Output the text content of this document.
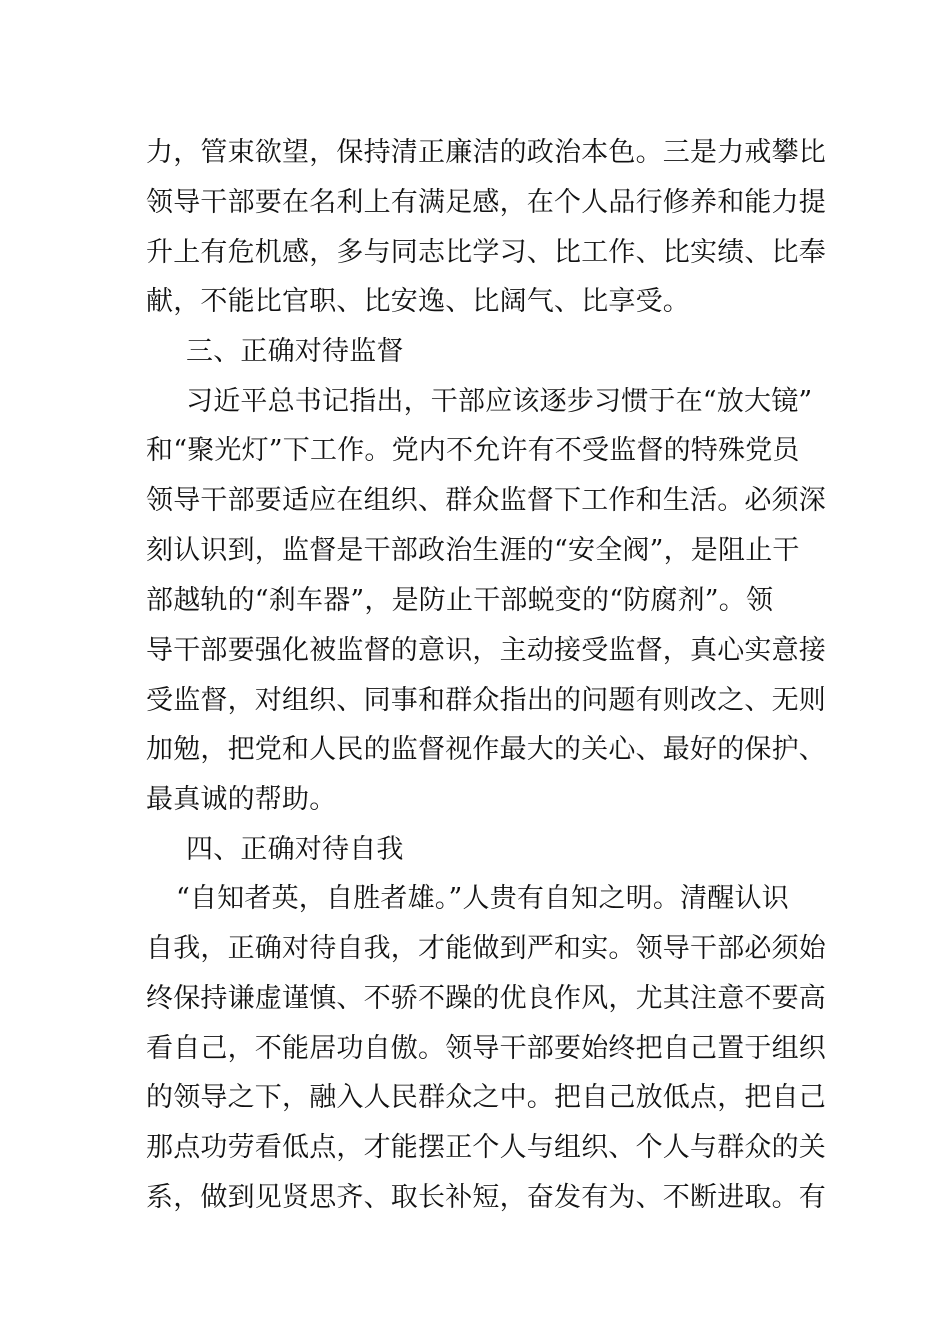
力，管束欲望，保持清正廉洁的政治本色。三是力戒攀比
领导干部要在名利上有满足感，在个人品行修养和能力提
升上有危机感，多与同志比学习、比工作、比实绩、比奉
献，不能比官职、比安逸、比阔气、比享受。
三、正确对待监督
习近平总书记指出，干部应该逐步习惯于在“放大镜”
和“聚光灯”下工作。党内不允许有不受监督的特殊党员
领导干部要适应在组织、群众监督下工作和生活。必须深
刻认识到，监督是干部政治生涯的“安全阀”，是阻止干
部越轨的“刹车器”，是防止干部蜕变的“防腐剂”。领
导干部要强化被监督的意识，主动接受监督，真心实意接
受监督，对组织、同事和群众指出的问题有则改之、无则
加勉，把党和人民的监督视作最大的关心、最好的保护、
最真诚的帮助。
四、正确对待自我
“自知者英，自胜者雄。”人贵有自知之明。清醒认识
自我，正确对待自我，才能做到严和实。领导干部必须始
终保持谦虚谨慎、不骄不躁的优良作风，尤其注意不要高
看自己，不能居功自傲。领导干部要始终把自己置于组织
的领导之下，融入人民群众之中。把自己放低点，把自己
那点功劳看低点，才能摆正个人与组织、个人与群众的关
系，做到见贤思齐、取长补短，奋发有为、不断进取。有
